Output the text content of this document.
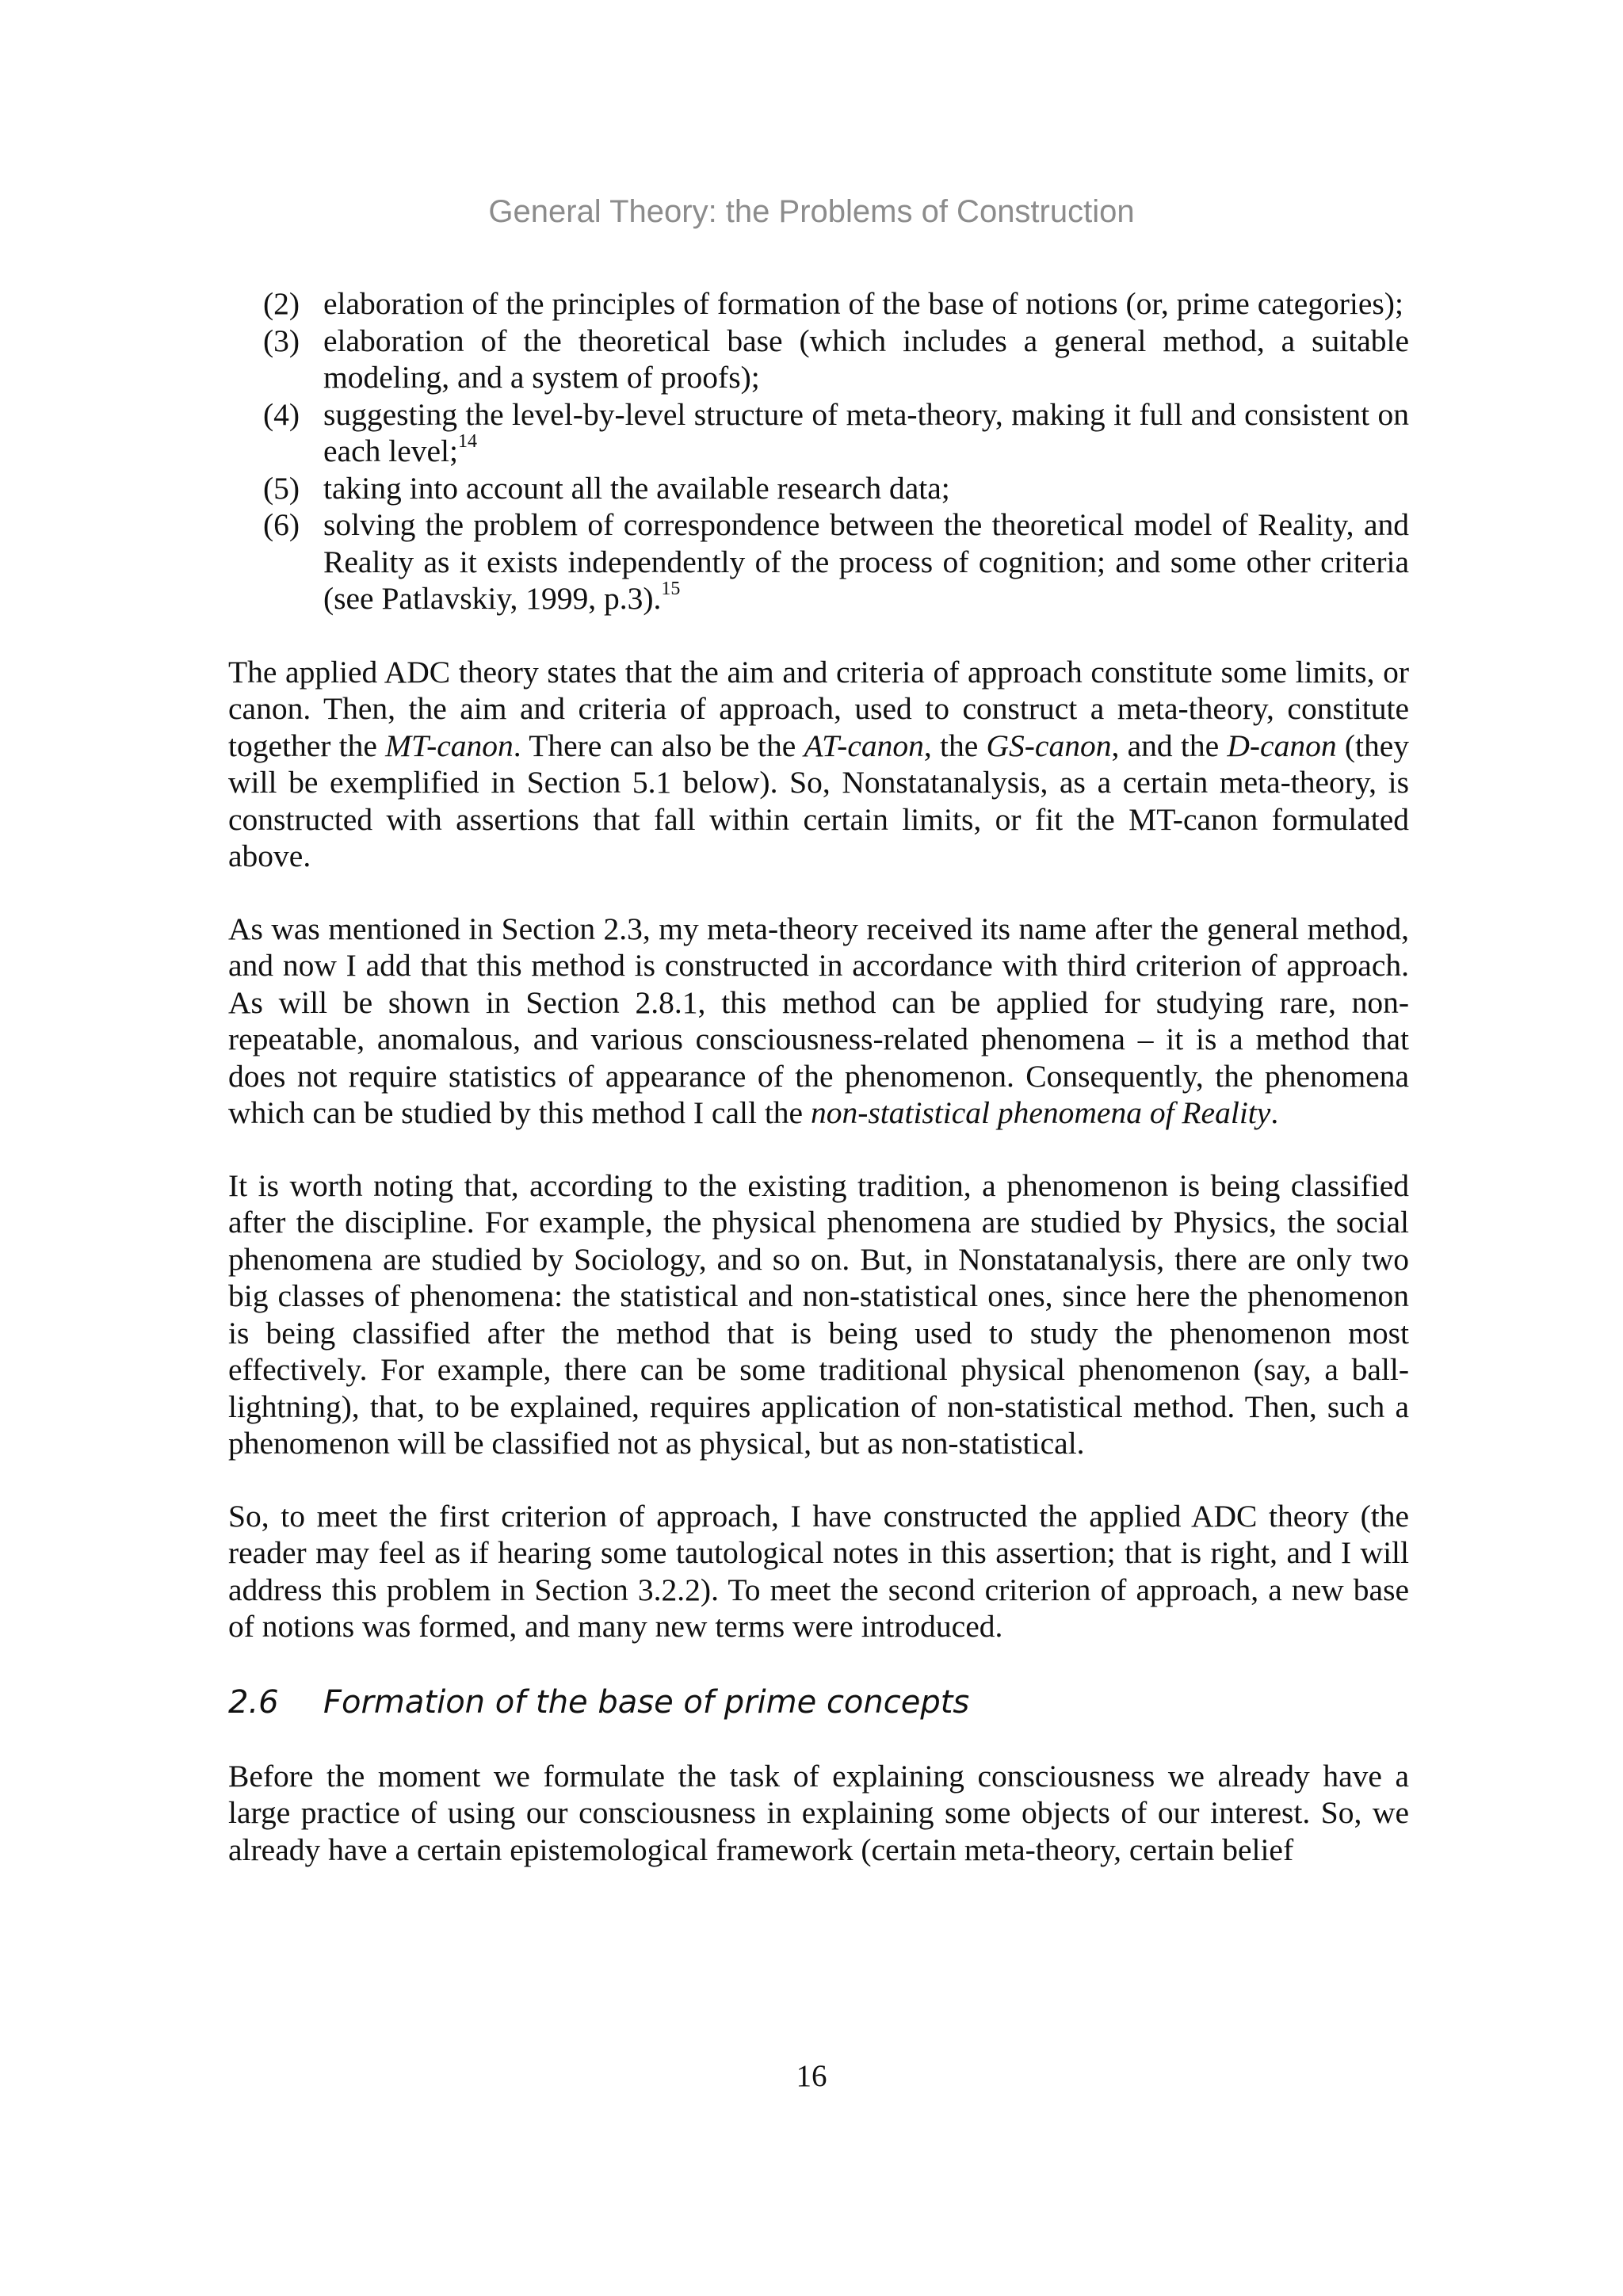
General Theory: the Problems of Construction
(2) elaboration of the principles of formation of the base of notions (or, prime categories);
(3) elaboration of the theoretical base (which includes a general method, a suitable modeling, and a system of proofs);
(4) suggesting the level-by-level structure of meta-theory, making it full and consistent on each level;$^{14}$
(5) taking into account all the available research data;
(6) solving the problem of correspondence between the theoretical model of Reality, and Reality as it exists independently of the process of cognition; and some other criteria (see Patlavskiy, 1999, p.3).$^{15}$

The applied ADC theory states that the aim and criteria of approach constitute some limits, or canon. Then, the aim and criteria of approach, used to construct a meta-theory, constitute together the MT-canon. There can also be the AT-canon, the GS-canon, and the D-canon (they will be exemplified in Section 5.1 below). So, Nonstatanalysis, as a certain meta-theory, is constructed with assertions that fall within certain limits, or fit the MT-canon formulated above.

As was mentioned in Section 2.3, my meta-theory received its name after the general method, and now I add that this method is constructed in accordance with third criterion of approach. As will be shown in Section 2.8.1, this method can be applied for studying rare, non-repeatable, anomalous, and various consciousness-related phenomena – it is a method that does not require statistics of appearance of the phenomenon. Consequently, the phenomena which can be studied by this method I call the non-statistical phenomena of Reality.

It is worth noting that, according to the existing tradition, a phenomenon is being classified after the discipline. For example, the physical phenomena are studied by Physics, the social phenomena are studied by Sociology, and so on. But, in Nonstatanalysis, there are only two big classes of phenomena: the statistical and non-statistical ones, since here the phenomenon is being classified after the method that is being used to study the phenomenon most effectively. For example, there can be some traditional physical phenomenon (say, a ball-lightning), that, to be explained, requires application of non-statistical method. Then, such a phenomenon will be classified not as physical, but as non-statistical.

So, to meet the first criterion of approach, I have constructed the applied ADC theory (the reader may feel as if hearing some tautological notes in this assertion; that is right, and I will address this problem in Section 3.2.2). To meet the second criterion of approach, a new base of notions was formed, and many new terms were introduced.

2.6	Formation of the base of prime concepts

Before the moment we formulate the task of explaining consciousness we already have a large practice of using our consciousness in explaining some objects of our interest. So, we already have a certain epistemological framework (certain meta-theory, certain belief

16
